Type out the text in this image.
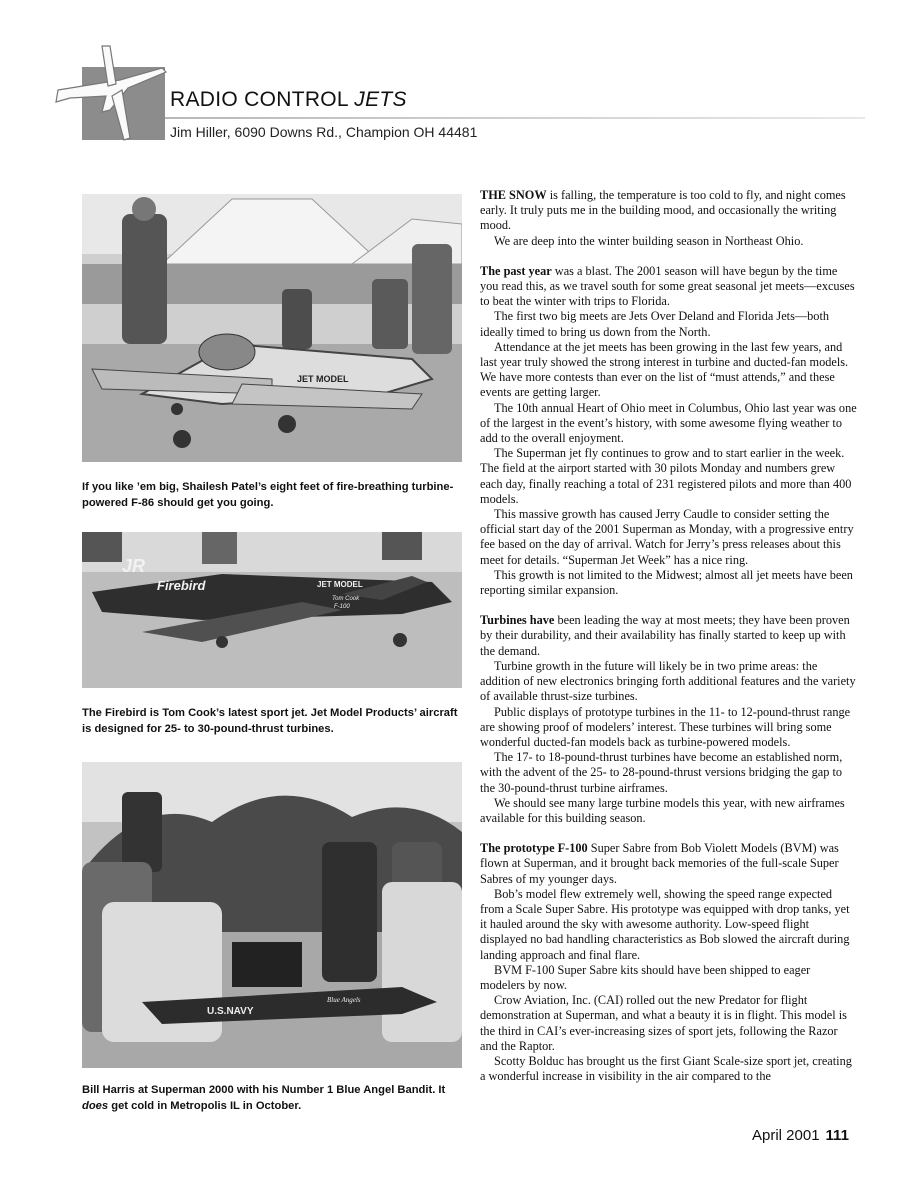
RADIO CONTROL JETS

Jim Hiller, 6090 Downs Rd., Champion OH 44481

JET MODEL

If you like ’em big, Shailesh Patel’s eight feet of fire-breathing turbine-powered F-86 should get you going.

JR
Firebird	JET MODEL
Tom Cook
F-100

The Firebird is Tom Cook’s latest sport jet. Jet Model Products’ aircraft is designed for 25- to 30-pound-thrust turbines.

U.S.NAVY
Blue Angels

Bill Harris at Superman 2000 with his Number 1 Blue Angel Bandit. It does get cold in Metropolis IL in October.

THE SNOW is falling, the temperature is too cold to fly, and night comes early. It truly puts me in the building mood, and occasionally the writing mood.

We are deep into the winter building season in Northeast Ohio.

The past year was a blast. The 2001 season will have begun by the time you read this, as we travel south for some great seasonal jet meets—excuses to beat the winter with trips to Florida.

The first two big meets are Jets Over Deland and Florida Jets—both ideally timed to bring us down from the North.

Attendance at the jet meets has been growing in the last few years, and last year truly showed the strong interest in turbine and ducted-fan models. We have more contests than ever on the list of “must attends,” and these events are getting larger.

The 10th annual Heart of Ohio meet in Columbus, Ohio last year was one of the largest in the event’s history, with some awesome flying weather to add to the overall enjoyment.

The Superman jet fly continues to grow and to start earlier in the week. The field at the airport started with 30 pilots Monday and numbers grew each day, finally reaching a total of 231 registered pilots and more than 400 models.

This massive growth has caused Jerry Caudle to consider setting the official start day of the 2001 Superman as Monday, with a progressive entry fee based on the day of arrival. Watch for Jerry’s press releases about this meet for details. “Superman Jet Week” has a nice ring.

This growth is not limited to the Midwest; almost all jet meets have been reporting similar expansion.

Turbines have been leading the way at most meets; they have been proven by their durability, and their availability has finally started to keep up with the demand.

Turbine growth in the future will likely be in two prime areas: the addition of new electronics bringing forth additional features and the variety of available thrust-size turbines.

Public displays of prototype turbines in the 11- to 12-pound-thrust range are showing proof of modelers’ interest. These turbines will bring some wonderful ducted-fan models back as turbine-powered models.

The 17- to 18-pound-thrust turbines have become an established norm, with the advent of the 25- to 28-pound-thrust versions bridging the gap to the 30-pound-thrust turbine airframes.

We should see many large turbine models this year, with new airframes available for this building season.

The prototype F-100 Super Sabre from Bob Violett Models (BVM) was flown at Superman, and it brought back memories of the full-scale Super Sabres of my younger days.

Bob’s model flew extremely well, showing the speed range expected from a Scale Super Sabre. His prototype was equipped with drop tanks, yet it hauled around the sky with awesome authority. Low-speed flight displayed no bad handling characteristics as Bob slowed the aircraft during landing approach and final flare.

BVM F-100 Super Sabre kits should have been shipped to eager modelers by now.

Crow Aviation, Inc. (CAI) rolled out the new Predator for flight demonstration at Superman, and what a beauty it is in flight. This model is the third in CAI’s ever-increasing sizes of sport jets, following the Razor and the Raptor.

Scotty Bolduc has brought us the first Giant Scale-size sport jet, creating a wonderful increase in visibility in the air compared to the

April 2001 111
